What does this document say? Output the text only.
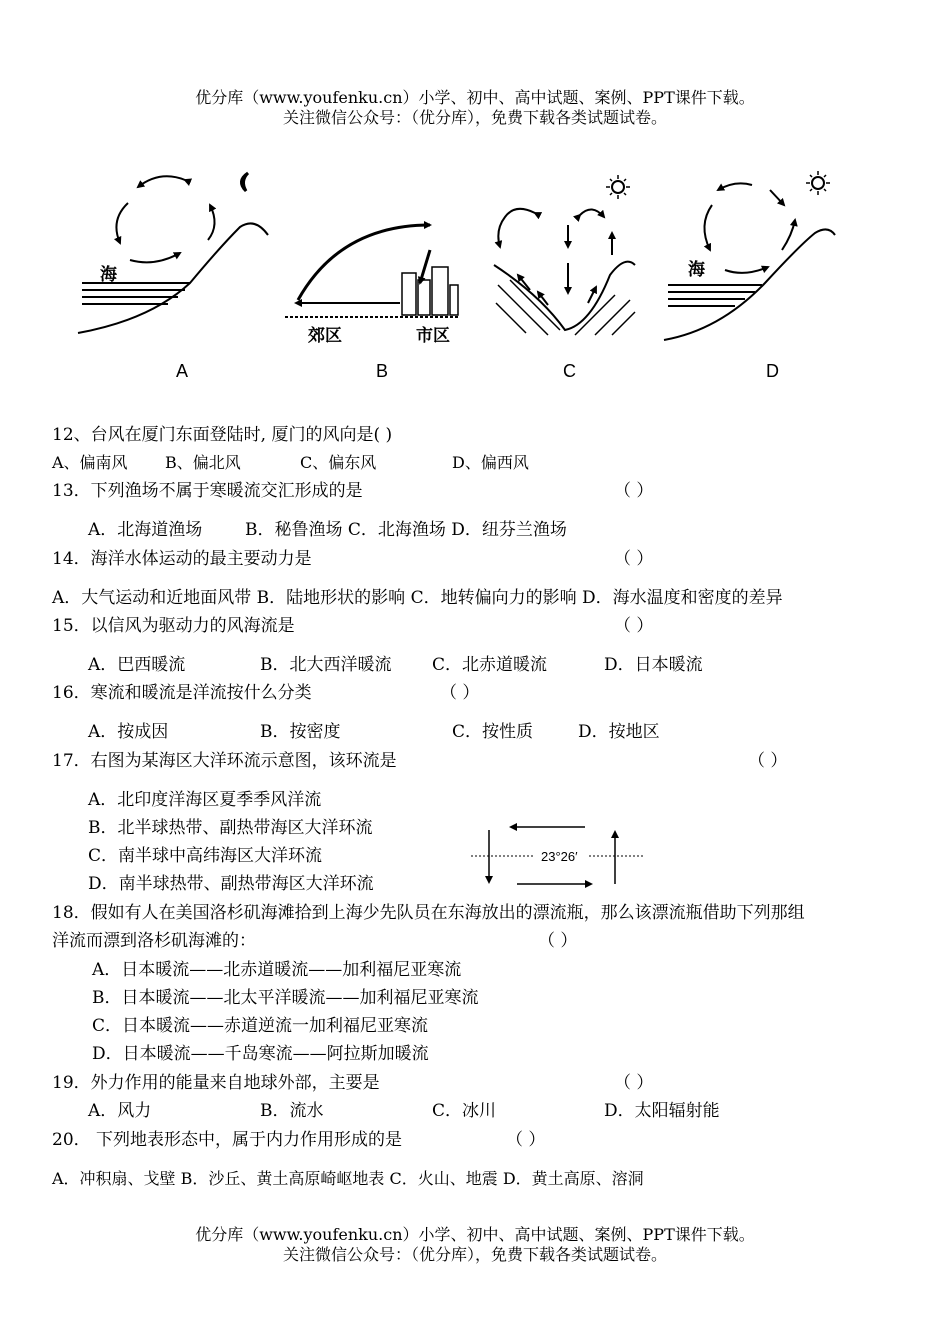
优分库（www.youfenku.cn）小学、初中、高中试题、案例、PPT课件下载。
关注微信公众号：（优分库），免费下载各类试题试卷。
海
A
郊区	市区
B	C
海
D
12、台风在厦门东面登陆时, 厦门的风向是( )
A、偏南风 B、偏北风	C、偏东风	D、偏西风
13．下列渔场不属于寒暖流交汇形成的是	（ ）
A．北海道渔场	B．秘鲁渔场 C．北海渔场 D．纽芬兰渔场
14．海洋水体运动的最主要动力是	（ ）
A．大气运动和近地面风带 B．陆地形状的影响 C．地转偏向力的影响 D．海水温度和密度的差异
15．以信风为驱动力的风海流是	（ ）
A．巴西暖流	B．北大西洋暖流 C．北赤道暖流	D．日本暖流
16．寒流和暖流是洋流按什么分类	（ ）
A．按成因	B．按密度	C．按性质	D．按地区
17．右图为某海区大洋环流示意图，该环流是	（ ）
A．北印度洋海区夏季季风洋流
B．北半球热带、副热带海区大洋环流
C．南半球中高纬海区大洋环流
D．南半球热带、副热带海区大洋环流
23°26′
18．假如有人在美国洛杉矶海滩拾到上海少先队员在东海放出的漂流瓶，那么该漂流瓶借助下列那组
洋流而漂到洛杉矶海滩的：	（ ）
A．日本暖流——北赤道暖流——加利福尼亚寒流
B．日本暖流——北太平洋暖流——加利福尼亚寒流
C．日本暖流——赤道逆流一加利福尼亚寒流
D．日本暖流——千岛寒流——阿拉斯加暖流
19．外力作用的能量来自地球外部，主要是	（ ）
A．风力	B．流水	C．冰川	D．太阳辐射能
20． 下列地表形态中，属于内力作用形成的是	（ ）
A．冲积扇、戈壁 B．沙丘、黄土高原崎岖地表 C．火山、地震 D．黄土高原、溶洞
优分库（www.youfenku.cn）小学、初中、高中试题、案例、PPT课件下载。
关注微信公众号：（优分库），免费下载各类试题试卷。
